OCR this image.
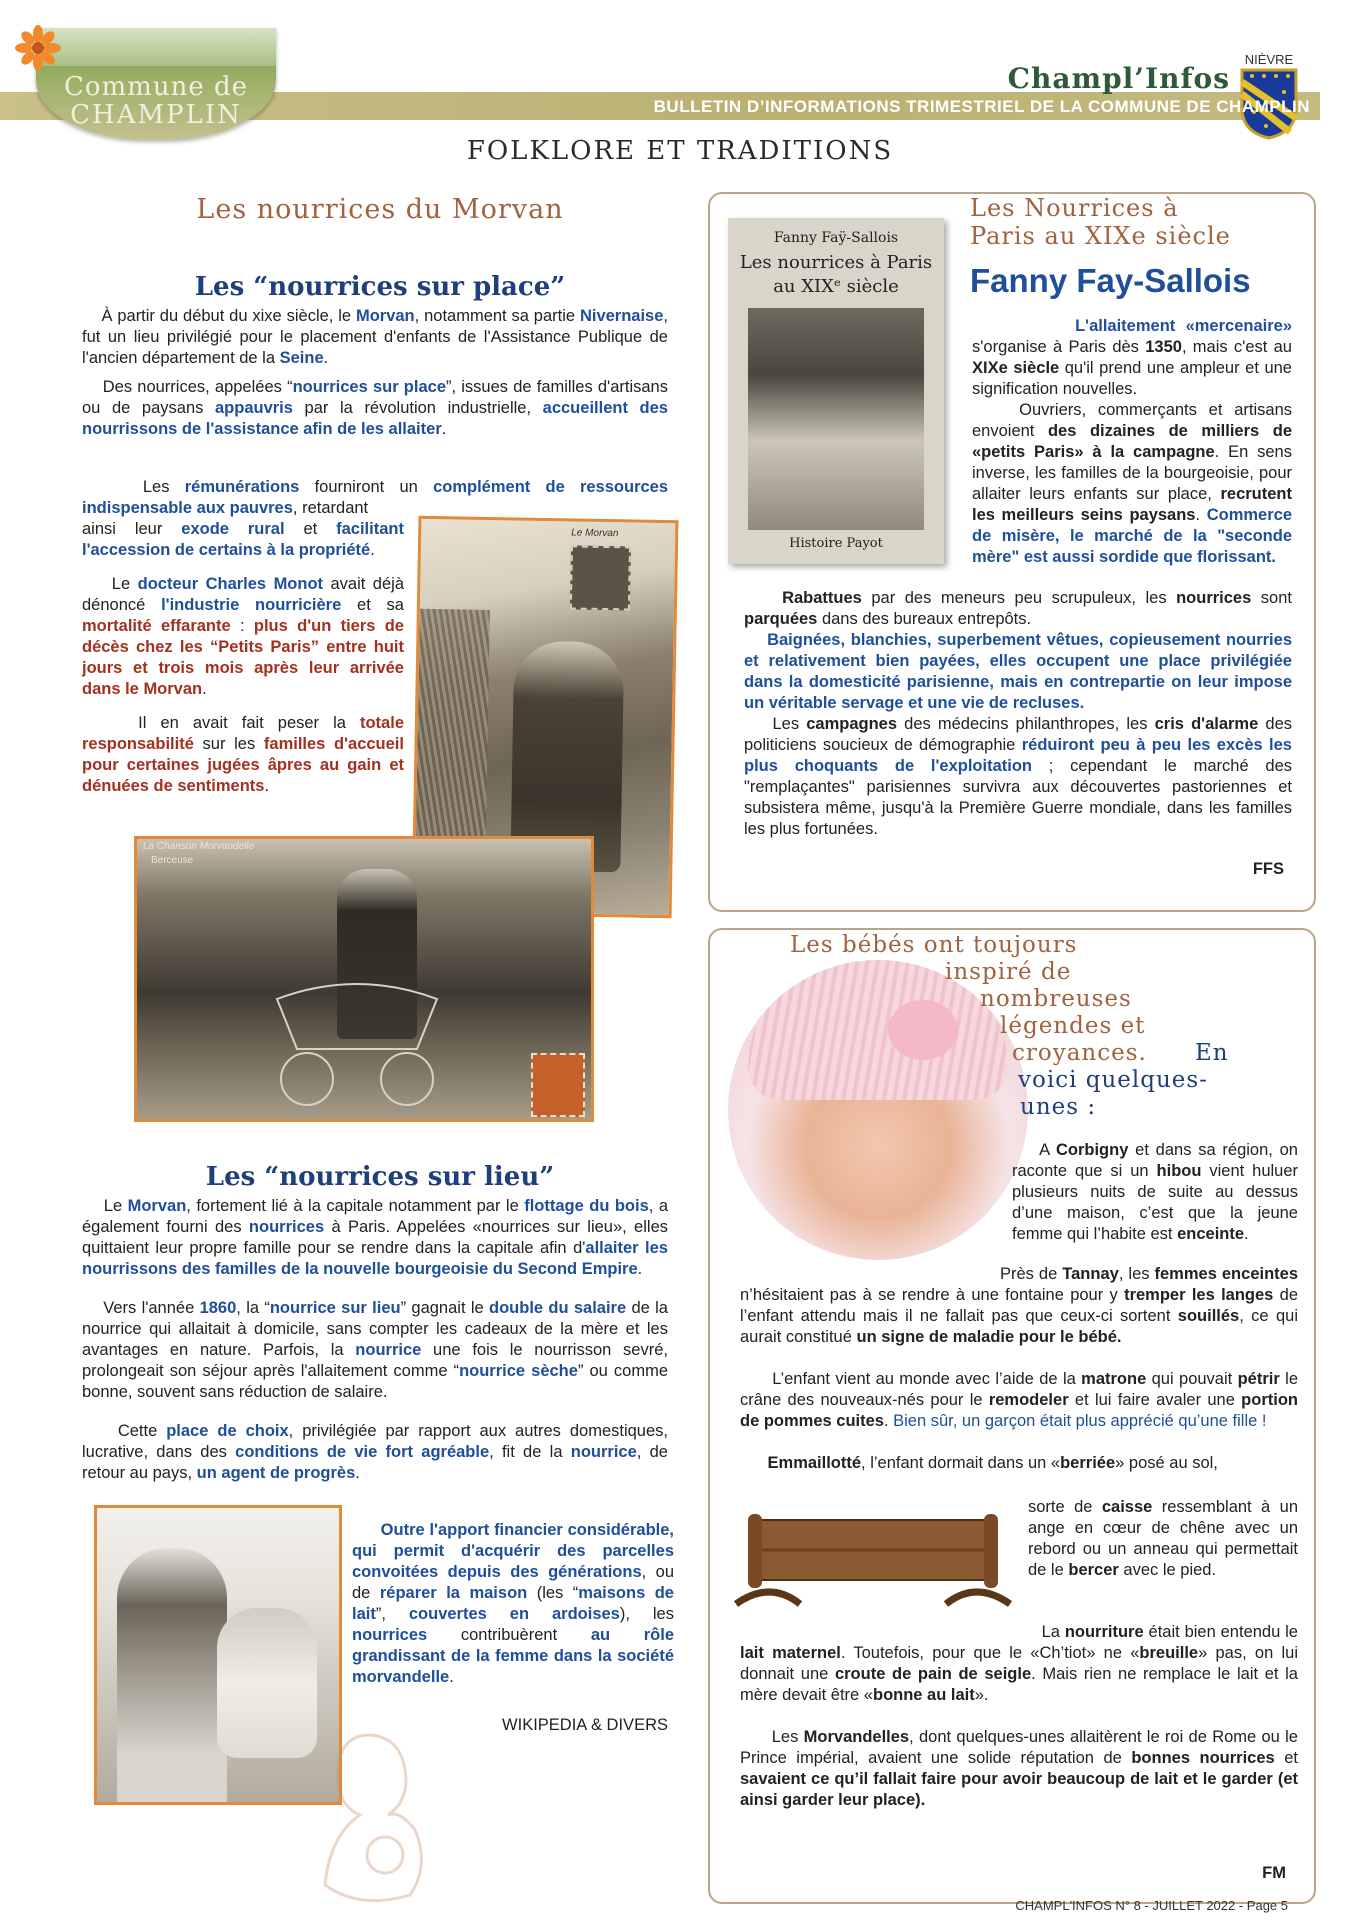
Commune de
CHAMPLIN
Champl’Infos
NIÈVRE
BULLETIN D’INFORMATIONS TRIMESTRIEL DE LA COMMUNE DE CHAMPLIN
FOLKLORE ET TRADITIONS
Les nourrices du Morvan
Les “nourrices sur place”

À partir du début du xixe siècle, le Morvan, notamment sa partie Nivernaise, fut un lieu privilégié pour le placement d'enfants de l'Assistance Publique de l'ancien département de la Seine.

Des nourrices, appelées “nourrices sur place”, issues de familles d'artisans ou de paysans appauvris par la révolution industrielle, accueillent des nourrissons de l'assistance afin de les allaiter.

Les rémunérations fourniront un complément de ressources indispensable aux pauvres, retardant

ainsi leur exode rural et facilitant l'accession de certains à la propriété.

Le docteur Charles Monot avait déjà dénoncé l'industrie nourricière et sa mortalité effarante : plus d'un tiers de décès chez les “Petits Paris” entre huit jours et trois mois après leur arrivée dans le Morvan.

Il en avait fait peser la totale responsabilité sur les familles d'accueil pour certaines jugées âpres au gain et dénuées de sentiments.

Le Morvan
La Chanson Morvandelle
Berceuse
Les “nourrices sur lieu”

Le Morvan, fortement lié à la capitale notamment par le flottage du bois, a également fourni des nourrices à Paris. Appelées «nourrices sur lieu», elles quittaient leur propre famille pour se rendre dans la capitale afin d'allaiter les nourrissons des familles de la nouvelle bourgeoisie du Second Empire.

Vers l'année 1860, la “nourrice sur lieu” gagnait le double du salaire de la nourrice qui allaitait à domicile, sans compter les cadeaux de la mère et les avantages en nature. Parfois, la nourrice une fois le nourrisson sevré, prolongeait son séjour après l'allaitement comme “nourrice sèche” ou comme bonne, souvent sans réduction de salaire.

Cette place de choix, privilégiée par rapport aux autres domestiques, lucrative, dans des conditions de vie fort agréable, fit de la nourrice, de retour au pays, un agent de progrès.

Outre l'apport financier considérable, qui permit d'acquérir des parcelles convoitées depuis des générations, ou de réparer la maison (les “maisons de lait”, couvertes en ardoises), les nourrices contribuèrent au rôle grandissant de la femme dans la société morvandelle.

WIKIPEDIA & DIVERS
Fanny Faÿ-Sallois
Les nourrices à Paris
au XIXᵉ siècle
Histoire Payot
Les Nourrices à
Paris au XIXe siècle
Fanny Fay-Sallois

L'allaitement «mercenaire» s'organise à Paris dès 1350, mais c'est au XIXe siècle qu'il prend une ampleur et une signification nouvelles.

Ouvriers, commerçants et artisans envoient des dizaines de milliers de «petits Paris» à la campagne. En sens inverse, les familles de la bourgeoisie, pour allaiter leurs enfants sur place, recrutent les meilleurs seins paysans. Commerce de misère, le marché de la "seconde mère" est aussi sordide que florissant.

Rabattues par des meneurs peu scrupuleux, les nourrices sont parquées dans des bureaux entrepôts.

Baignées, blanchies, superbement vêtues, copieusement nourries et relativement bien payées, elles occupent une place privilégiée dans la domesticité parisienne, mais en contrepartie on leur impose un véritable servage et une vie de recluses.

Les campagnes des médecins philanthropes, les cris d'alarme des politiciens soucieux de démographie réduiront peu à peu les excès les plus choquants de l'exploitation ; cependant le marché des "remplaçantes" parisiennes survivra aux découvertes pastoriennes et subsistera même, jusqu'à la Première Guerre mondiale, dans les familles les plus fortunées.

FFS
Les bébés ont toujours
inspiré de
nombreuses
légendes et
croyances.	En
voici quelques-
unes :

A Corbigny et dans sa région, on raconte que si un hibou vient huluer plusieurs nuits de suite au dessus d’une maison, c’est que la jeune femme qui l’habite est enceinte.

Près de Tannay, les femmes enceintes n’hésitaient pas à se rendre à une fontaine pour y tremper les langes de l’enfant attendu mais il ne fallait pas que ceux-ci sortent souillés, ce qui aurait constitué un signe de maladie pour le bébé.

L’enfant vient au monde avec l’aide de la matrone qui pouvait pétrir le crâne des nouveaux-nés pour le remodeler et lui faire avaler une portion de pommes cuites. Bien sûr, un garçon était plus apprécié qu’une fille !

Emmaillotté, l’enfant dormait dans un «berriée» posé au sol,

sorte de caisse ressemblant à un ange en cœur de chêne avec un rebord ou un anneau qui permettait de le bercer avec le pied.

La nourriture était bien entendu le lait maternel. Toutefois, pour que le «Ch’tiot» ne «breuille» pas, on lui donnait une croute de pain de seigle. Mais rien ne remplace le lait et la mère devait être «bonne au lait».

Les Morvandelles, dont quelques-unes allaitèrent le roi de Rome ou le Prince impérial, avaient une solide réputation de bonnes nourrices et savaient ce qu’il fallait faire pour avoir beaucoup de lait et le garder (et ainsi garder leur place).

FM
CHAMPL'INFOS N° 8 - JUILLET 2022 - Page 5
